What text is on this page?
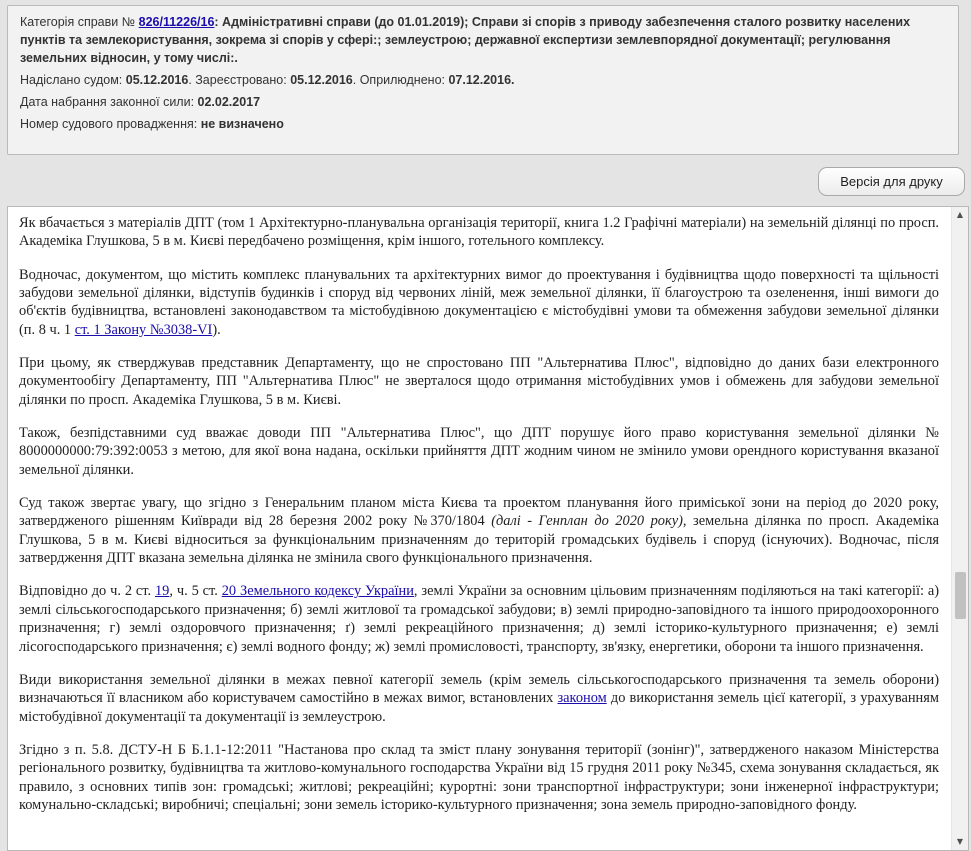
Категорія справи № 826/11226/16: Адміністративні справи (до 01.01.2019); Справи зі спорів з приводу забезпечення сталого розвитку населених пунктів та землекористування, зокрема зі спорів у сфері:; землеустрою; державної експертизи землевпорядної документації; регулювання земельних відносин, у тому числі:.

Надіслано судом: 05.12.2016. Зареєстровано: 05.12.2016. Оприлюднено: 07.12.2016.

Дата набрання законної сили: 02.02.2017

Номер судового провадження: не визначено

Версія для друку

Як вбачається з матеріалів ДПТ (том 1 Архітектурно-планувальна організація території, книга 1.2 Графічні матеріали) на земельній ділянці по просп. Академіка Глушкова, 5 в м. Києві передбачено розміщення, крім іншого, готельного комплексу.

Водночас, документом, що містить комплекс планувальних та архітектурних вимог до проектування і будівництва щодо поверхності та щільності забудови земельної ділянки, відступів будинків і споруд від червоних ліній, меж земельної ділянки, її благоустрою та озеленення, інші вимоги до об'єктів будівництва, встановлені законодавством та містобудівною документацією є містобудівні умови та обмеження забудови земельної ділянки (п. 8 ч. 1 ст. 1 Закону №3038-VI).

При цьому, як стверджував представник Департаменту, що не спростовано ПП "Альтернатива Плюс", відповідно до даних бази електронного документообігу Департаменту, ПП "Альтернатива Плюс" не зверталося щодо отримання містобудівних умов і обмежень для забудови земельної ділянки по просп. Академіка Глушкова, 5 в м. Києві.

Також, безпідставними суд вважає доводи ПП "Альтернатива Плюс", що ДПТ порушує його право користування земельної ділянки № 8000000000:79:392:0053 з метою, для якої вона надана, оскільки прийняття ДПТ жодним чином не змінило умови орендного користування вказаної земельної ділянки.

Суд також звертає увагу, що згідно з Генеральним планом міста Києва та проектом планування його приміської зони на період до 2020 року, затвердженого рішенням Київради від 28 березня 2002 року №370/1804 (далі - Генплан до 2020 року), земельна ділянка по просп. Академіка Глушкова, 5 в м. Києві відноситься за функціональним призначенням до територій громадських будівель і споруд (існуючих). Водночас, після затвердження ДПТ вказана земельна ділянка не змінила свого функціонального призначення.

Відповідно до ч. 2 ст. 19, ч. 5 ст. 20 Земельного кодексу України, землі України за основним цільовим призначенням поділяються на такі категорії: а) землі сільськогосподарського призначення; б) землі житлової та громадської забудови; в) землі природно-заповідного та іншого природоохоронного призначення; г) землі оздоровчого призначення; ґ) землі рекреаційного призначення; д) землі історико-культурного призначення; е) землі лісогосподарського призначення; є) землі водного фонду; ж) землі промисловості, транспорту, зв'язку, енергетики, оборони та іншого призначення.

Види використання земельної ділянки в межах певної категорії земель (крім земель сільськогосподарського призначення та земель оборони) визначаються її власником або користувачем самостійно в межах вимог, встановлених законом до використання земель цієї категорії, з урахуванням містобудівної документації та документації із землеустрою.

Згідно з п. 5.8. ДСТУ-Н Б Б.1.1-12:2011 "Настанова про склад та зміст плану зонування території (зонінг)", затвердженого наказом Міністерства регіонального розвитку, будівництва та житлово-комунального господарства України від 15 грудня 2011 року №345, схема зонування складається, як правило, з основних типів зон: громадські; житлові; рекреаційні; курортні: зони транспортної інфраструктури; зони інженерної інфраструктури; комунально-складські; виробничі; спеціальні; зони земель історико-культурного призначення; зона земель природно-заповідного фонду.

▲
▼
